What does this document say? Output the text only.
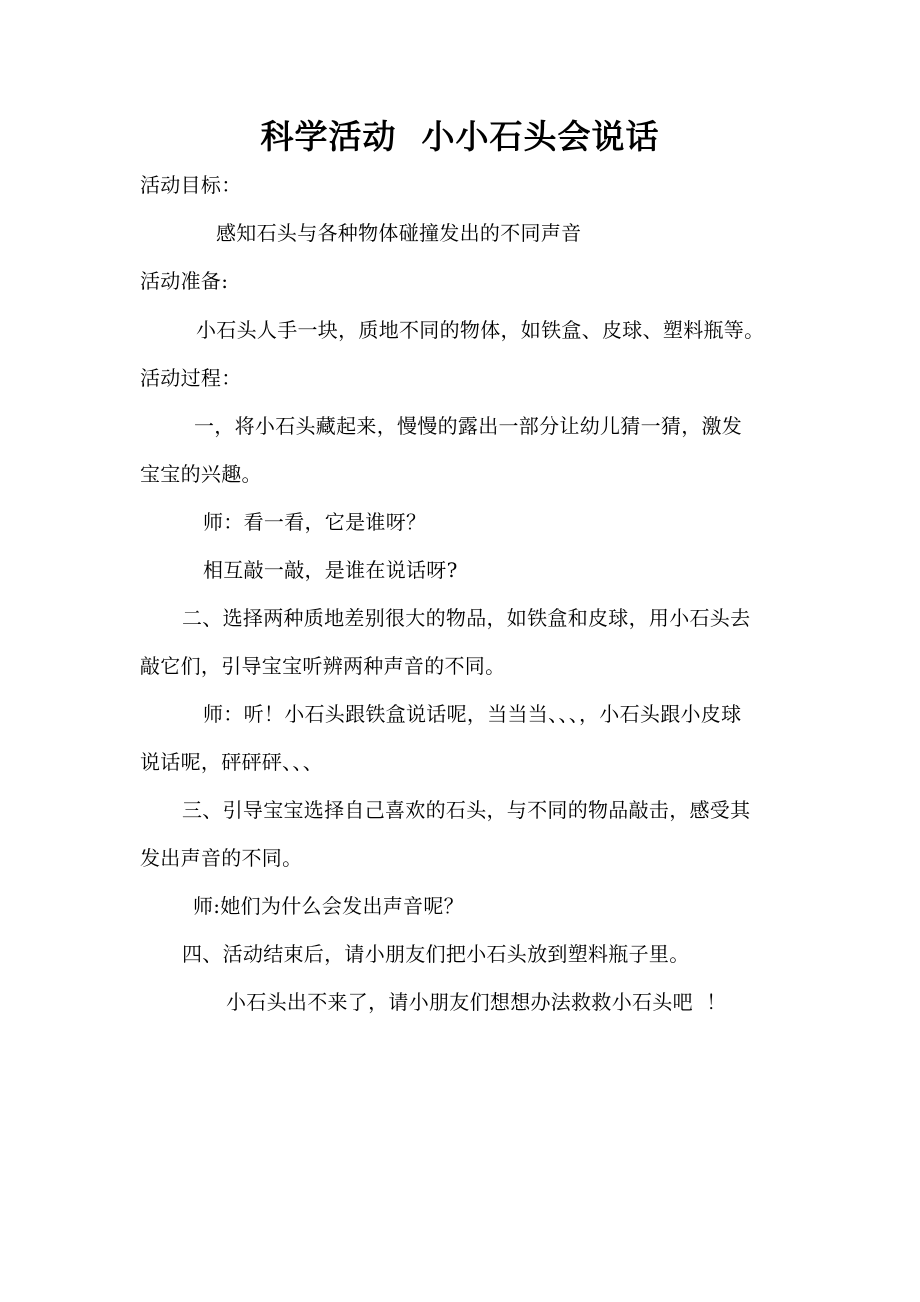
科学活动  小小石头会说话
活动目标：
感知石头与各种物体碰撞发出的不同声音
活动准备:
小石头人手一块，质地不同的物体，如铁盒、皮球、塑料瓶等。
活动过程：
一，将小石头藏起来，慢慢的露出一部分让幼儿猜一猜，激发
宝宝的兴趣。
师：看一看，它是谁呀？
相互敲一敲，是谁在说话呀?
二、选择两种质地差别很大的物品，如铁盒和皮球，用小石头去
敲它们，引导宝宝听辨两种声音的不同。
师：听！小石头跟铁盒说话呢，当当当、、、，小石头跟小皮球
说话呢，砰砰砰、、、
三、引导宝宝选择自己喜欢的石头，与不同的物品敲击，感受其
发出声音的不同。
师:她们为什么会发出声音呢？
四、活动结束后，请小朋友们把小石头放到塑料瓶子里。
小石头出不来了，请小朋友们想想办法救救小石头吧  ！
